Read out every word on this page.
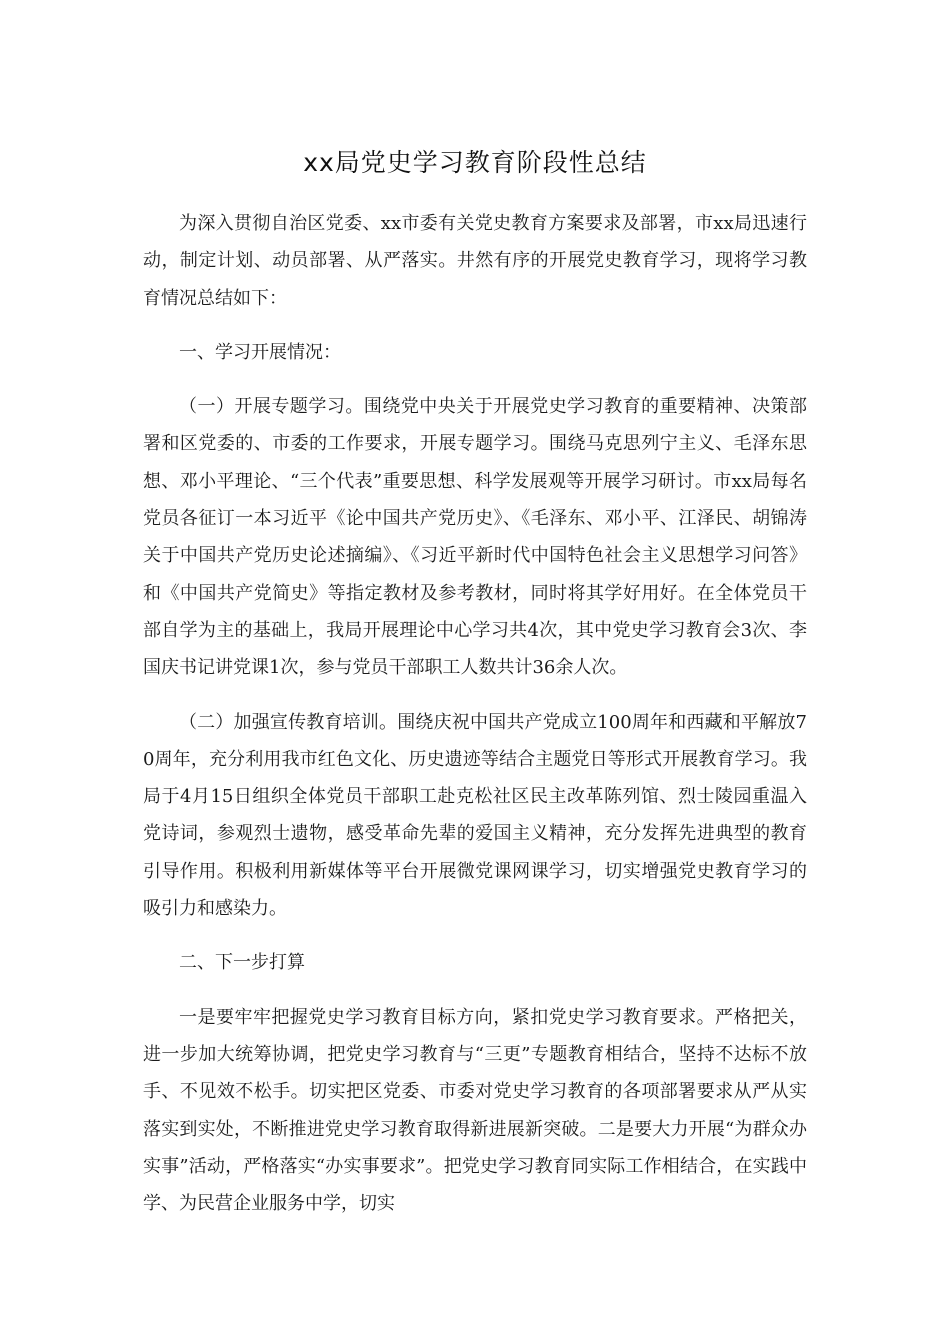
xx局党史学习教育阶段性总结

为深入贯彻自治区党委、xx市委有关党史教育方案要求及部署，市xx局迅速行动，制定计划、动员部署、从严落实。井然有序的开展党史教育学习，现将学习教育情况总结如下：

一、学习开展情况：

（一）开展专题学习。围绕党中央关于开展党史学习教育的重要精神、决策部署和区党委的、市委的工作要求，开展专题学习。围绕马克思列宁主义、毛泽东思想、邓小平理论、“三个代表”重要思想、科学发展观等开展学习研讨。市xx局每名党员各征订一本习近平《论中国共产党历史》、《毛泽东、邓小平、江泽民、胡锦涛关于中国共产党历史论述摘编》、《习近平新时代中国特色社会主义思想学习问答》和《中国共产党简史》等指定教材及参考教材，同时将其学好用好。在全体党员干部自学为主的基础上，我局开展理论中心学习共4次，其中党史学习教育会3次、李国庆书记讲党课1次，参与党员干部职工人数共计36余人次。

（二）加强宣传教育培训。围绕庆祝中国共产党成立100周年和西藏和平解放70周年，充分利用我市红色文化、历史遗迹等结合主题党日等形式开展教育学习。我局于4月15日组织全体党员干部职工赴克松社区民主改革陈列馆、烈士陵园重温入党诗词，参观烈士遗物，感受革命先辈的爱国主义精神，充分发挥先进典型的教育引导作用。积极利用新媒体等平台开展微党课网课学习，切实增强党史教育学习的吸引力和感染力。

二、下一步打算

一是要牢牢把握党史学习教育目标方向，紧扣党史学习教育要求。严格把关，进一步加大统筹协调，把党史学习教育与“三更”专题教育相结合，坚持不达标不放手、不见效不松手。切实把区党委、市委对党史学习教育的各项部署要求从严从实落实到实处，不断推进党史学习教育取得新进展新突破。二是要大力开展“为群众办实事”活动，严格落实“办实事要求”。把党史学习教育同实际工作相结合，在实践中学、为民营企业服务中学，切实
